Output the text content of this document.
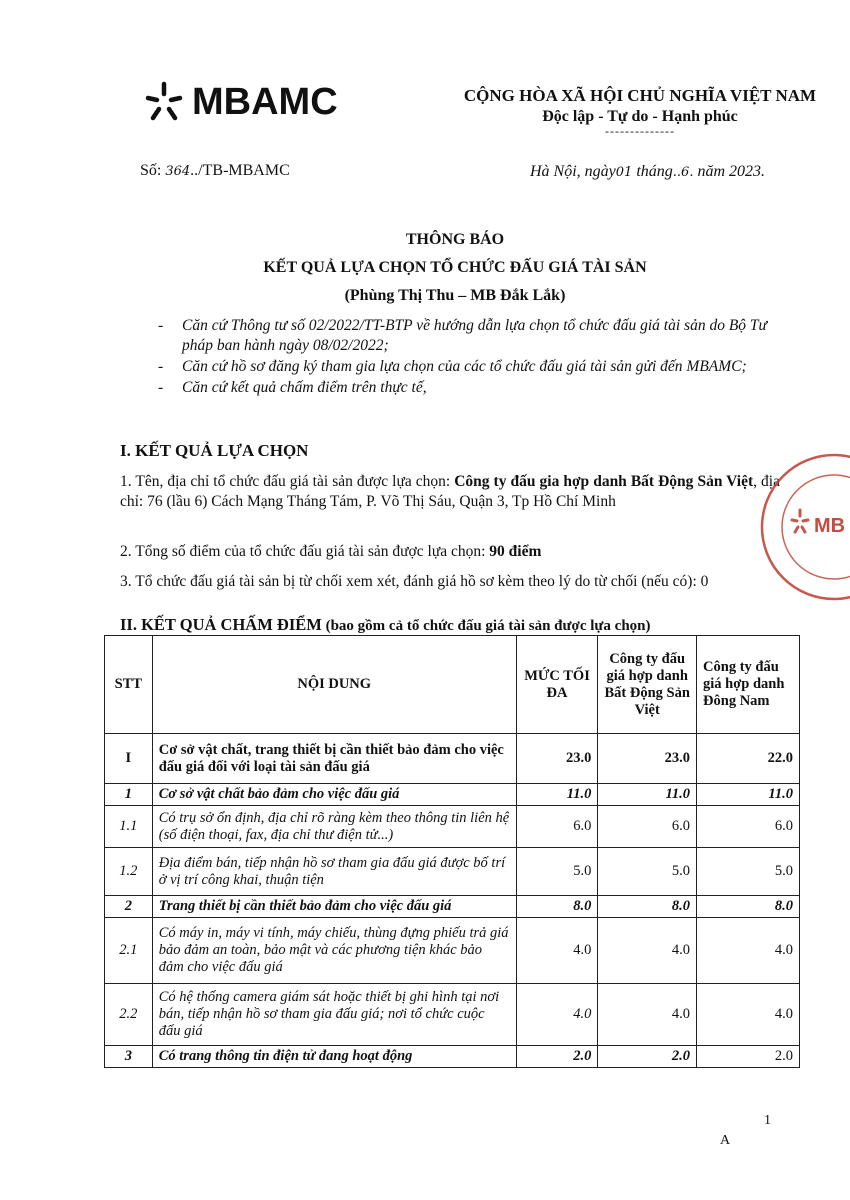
MBAMC	CỘNG HÒA XÃ HỘI CHỦ NGHĨA VIỆT NAM
Độc lập - Tự do - Hạnh phúc
--------------
Số: 364../TB-MBAMC	Hà Nội, ngày01 tháng..6. năm 2023.
THÔNG BÁO
KẾT QUẢ LỰA CHỌN TỔ CHỨC ĐẤU GIÁ TÀI SẢN
(Phùng Thị Thu – MB Đắk Lắk)
- Căn cứ Thông tư số 02/2022/TT-BTP về hướng dẫn lựa chọn tổ chức đấu giá tài sản do Bộ Tư pháp ban hành ngày 08/02/2022;
- Căn cứ hồ sơ đăng ký tham gia lựa chọn của các tổ chức đấu giá tài sản gửi đến MBAMC;
- Căn cứ kết quả chấm điểm trên thực tế,
I. KẾT QUẢ LỰA CHỌN
1. Tên, địa chỉ tổ chức đấu giá tài sản được lựa chọn: Công ty đấu gia hợp danh Bất Động Sản Việt, địa chỉ: 76 (lầu 6) Cách Mạng Tháng Tám, P. Võ Thị Sáu, Quận 3, Tp Hồ Chí Minh
2. Tổng số điểm của tổ chức đấu giá tài sản được lựa chọn: 90 điểm
3. Tổ chức đấu giá tài sản bị từ chối xem xét, đánh giá hồ sơ kèm theo lý do từ chối (nếu có): 0
II. KẾT QUẢ CHẤM ĐIỂM (bao gồm cả tổ chức đấu giá tài sản được lựa chọn)
STT	NỘI DUNG	MỨC TỐI ĐA	Công ty đấu giá hợp danh Bất Động Sản Việt	Công ty đấu giá hợp danh Đông Nam
I	Cơ sở vật chất, trang thiết bị cần thiết bảo đảm cho việc đấu giá đối với loại tài sản đấu giá	23.0	23.0	22.0
1	Cơ sở vật chất bảo đảm cho việc đấu giá	11.0	11.0	11.0
1.1	Có trụ sở ổn định, địa chỉ rõ ràng kèm theo thông tin liên hệ (số điện thoại, fax, địa chỉ thư điện tử...)	6.0	6.0	6.0
1.2	Địa điểm bán, tiếp nhận hồ sơ tham gia đấu giá được bố trí ở vị trí công khai, thuận tiện	5.0	5.0	5.0
2	Trang thiết bị cần thiết bảo đảm cho việc đấu giá	8.0	8.0	8.0
2.1	Có máy in, máy vi tính, máy chiếu, thùng đựng phiếu trả giá bảo đảm an toàn, bảo mật và các phương tiện khác bảo đảm cho việc đấu giá	4.0	4.0	4.0
2.2	Có hệ thống camera giám sát hoặc thiết bị ghi hình tại nơi bán, tiếp nhận hồ sơ tham gia đấu giá; nơi tổ chức cuộc đấu giá	4.0	4.0	4.0
3	Có trang thông tin điện tử đang hoạt động	2.0	2.0	2.0
MB
1
A
